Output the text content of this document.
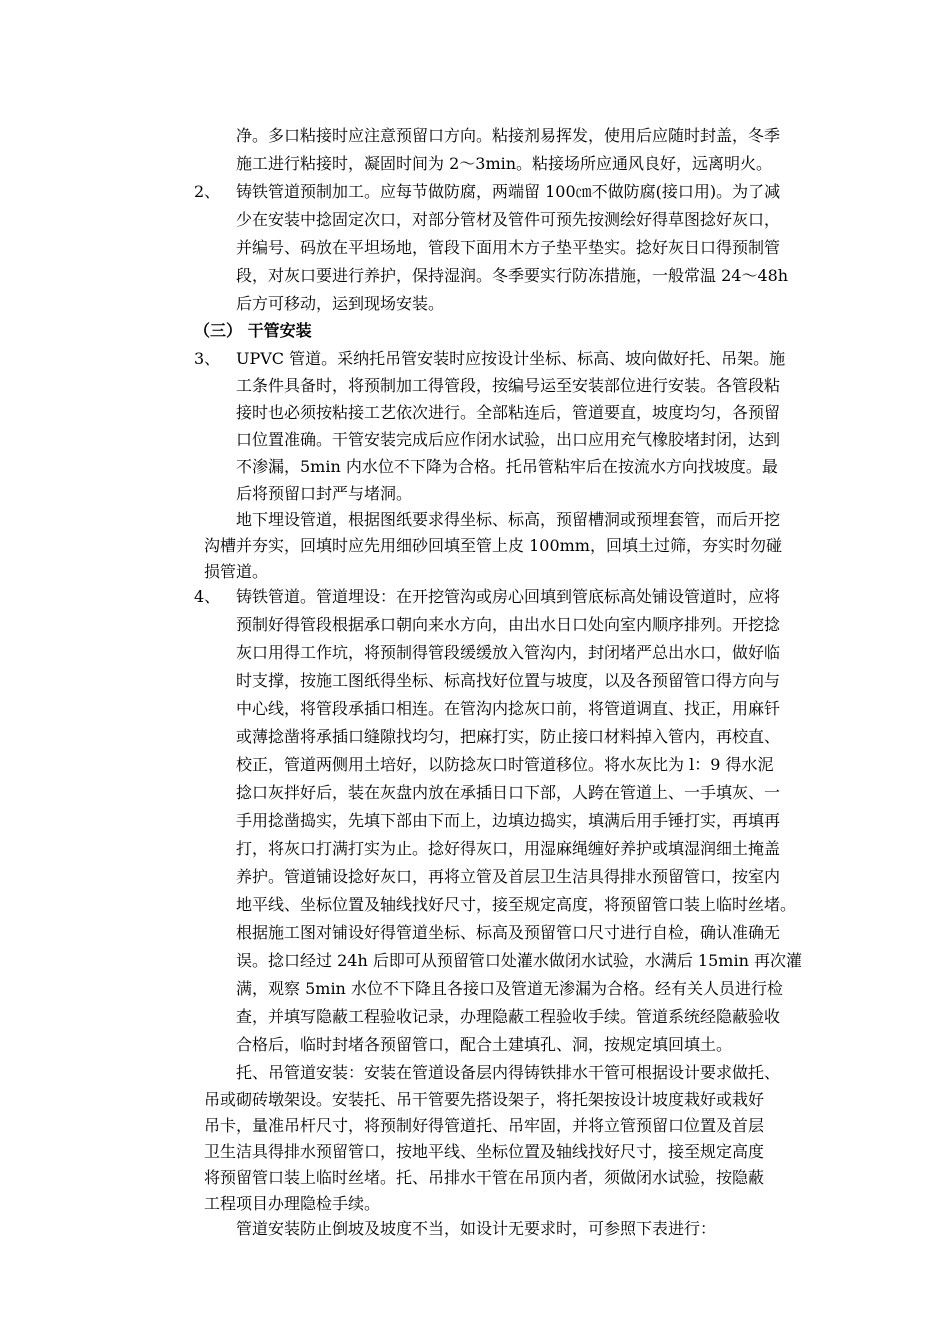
净。多口粘接时应注意预留口方向。粘接剂易挥发，使用后应随时封盖，冬季
施工进行粘接时，凝固时间为 2～3min。粘接场所应通风良好，远离明火。
2、 铸铁管道预制加工。应每节做防腐，两端留 100㎝不做防腐(接口用)。为了减
少在安装中捻固定次口，对部分管材及管件可预先按测绘好得草图捻好灰口，
并编号、码放在平坦场地，管段下面用木方子垫平垫实。捻好灰日口得预制管
段，对灰口要进行养护，保持湿润。冬季要实行防冻措施，一般常温 24～48h
后方可移动，运到现场安装。
（三） 干管安装
3、 UPVC 管道。采纳托吊管安装时应按设计坐标、标高、坡向做好托、吊架。施
工条件具备时，将预制加工得管段，按编号运至安装部位进行安装。各管段粘
接时也必须按粘接工艺依次进行。全部粘连后，管道要直，坡度均匀，各预留
口位置准确。干管安装完成后应作闭水试验，出口应用充气橡胶堵封闭，达到
不渗漏，5min 内水位不下降为合格。托吊管粘牢后在按流水方向找坡度。最
后将预留口封严与堵洞。
地下埋设管道，根据图纸要求得坐标、标高，预留槽洞或预埋套管，而后开挖
沟槽并夯实，回填时应先用细砂回填至管上皮 100mm，回填土过筛，夯实时勿碰
损管道。
4、 铸铁管道。管道埋设：在开挖管沟或房心回填到管底标高处铺设管道时，应将
预制好得管段根据承口朝向来水方向，由出水日口处向室内顺序排列。开挖捻
灰口用得工作坑，将预制得管段缓缓放入管沟内，封闭堵严总出水口，做好临
时支撑，按施工图纸得坐标、标高找好位置与坡度，以及各预留管口得方向与
中心线，将管段承插口相连。在管沟内捻灰口前，将管道调直、找正，用麻钎
或薄捻凿将承插口缝隙找均匀，把麻打实，防止接口材料掉入管内，再校直、
校正，管道两侧用土培好，以防捻灰口时管道移位。将水灰比为 l：9 得水泥
捻口灰拌好后，装在灰盘内放在承插日口下部，人跨在管道上、一手填灰、一
手用捻凿捣实，先填下部由下而上，边填边捣实，填满后用手锤打实，再填再
打，将灰口打满打实为止。捻好得灰口，用湿麻绳缠好养护或填湿润细土掩盖
养护。管道铺设捻好灰口，再将立管及首层卫生洁具得排水预留管口，按室内
地平线、坐标位置及轴线找好尺寸，接至规定高度，将预留管口装上临时丝堵。
根据施工图对铺设好得管道坐标、标高及预留管口尺寸进行自检，确认准确无
误。捻口经过 24h 后即可从预留管口处灌水做闭水试验，水满后 15min 再次灌
满，观察 5min 水位不下降且各接口及管道无渗漏为合格。经有关人员进行检
查，并填写隐蔽工程验收记录，办理隐蔽工程验收手续。管道系统经隐蔽验收
合格后，临时封堵各预留管口，配合土建填孔、洞，按规定填回填土。
托、吊管道安装：安装在管道设备层内得铸铁排水干管可根据设计要求做托、
吊或砌砖墩架设。安装托、吊干管要先搭设架子，将托架按设计坡度栽好或栽好
吊卡，量准吊杆尺寸，将预制好得管道托、吊牢固，并将立管预留口位置及首层
卫生洁具得排水预留管口，按地平线、坐标位置及轴线找好尺寸，接至规定高度
将预留管口装上临时丝堵。托、吊排水干管在吊顶内者，须做闭水试验，按隐蔽
工程项目办理隐检手续。
管道安装防止倒坡及坡度不当，如设计无要求时，可参照下表进行：
